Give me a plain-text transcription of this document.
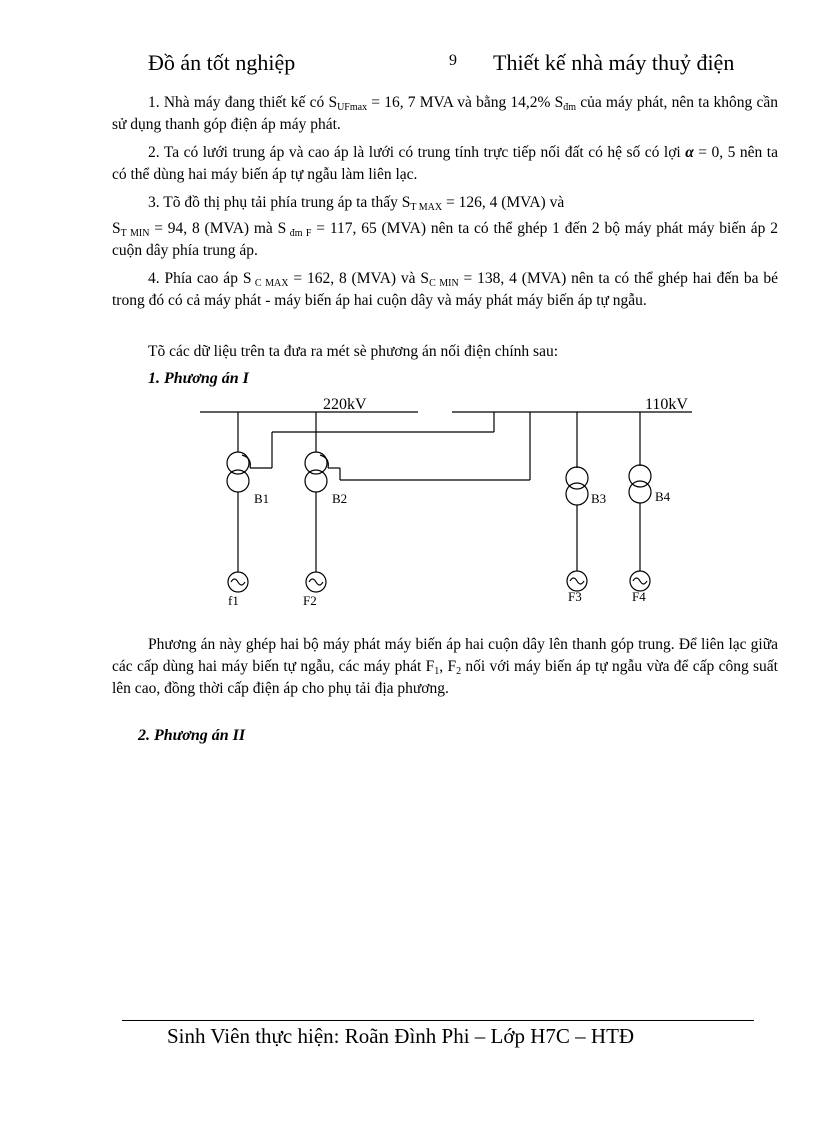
Đồ án tốt nghiệp	9 Thiết kế nhà máy thuỷ điện

1. Nhà máy đang thiết kế có $S_{UFmax} = 16$, 7 MVA và bằng 14,2% $S_{đm}$ của máy phát, nên ta không cần sử dụng thanh góp điện áp máy phát.

2. Ta có lưới trung áp và cao áp là lưới có trung tính trực tiếp nối đất có hệ số có lợi α = 0, 5 nên ta có thể dùng hai máy biến áp tự ngẫu làm liên lạc.

3. Tõ đồ thị phụ tải phía trung áp ta thấy $S_{T MAX} = 126$, 4 (MVA) và

$S_{T MIN} = 94$, 8 (MVA) mà S $_{đm F}$ = 117, 65 (MVA) nên ta có thể ghép 1 đến 2 bộ máy phát máy biến áp 2 cuộn dây phía trung áp.

4. Phía cao áp S $_{C MAX}$ = 162, 8 (MVA) và $S_{C MIN} = 138$, 4 (MVA) nên ta có thể ghép hai đến ba bé trong đó có cả máy phát - máy biến áp hai cuộn dây và máy phát máy biến áp tự ngẫu.

Tõ các dữ liệu trên ta đưa ra mét sè phương án nối điện chính sau:

1. Phương án I
220kV	110kV
B1	B2	B3	B4
f1	F2	F3	F4

Phương án này ghép hai bộ máy phát máy biến áp hai cuộn dây lên thanh góp trung. Để liên lạc giữa các cấp dùng hai máy biến tự ngẫu, các máy phát $F_1$, $F_2$ nối với máy biến áp tự ngẫu vừa để cấp công suất lên cao, đồng thời cấp điện áp cho phụ tải địa phương.

2. Phương án II
Sinh Viên thực hiện: Roãn Đình Phi – Lớp H7C – HTĐ
